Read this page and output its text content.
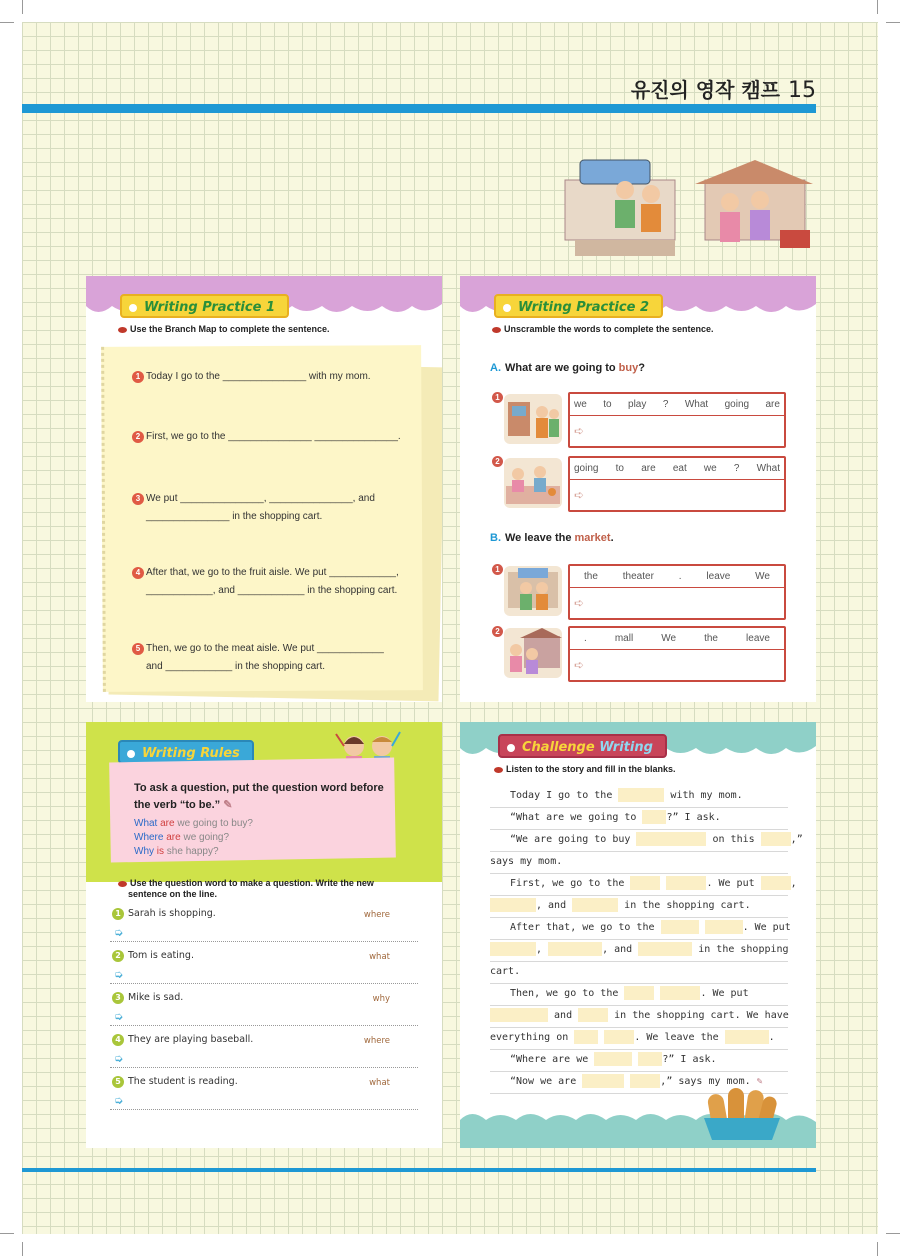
유진의 영작 캠프 15
Writing Practice 1
Use the Branch Map to complete the sentence.
1 Today I go to the _______________ with my mom.
2 First, we go to the _______________ _______________.
3 We put _______________, _______________, and
_______________ in the shopping cart.
4 After that, we go to the fruit aisle. We put ____________,
____________, and ____________ in the shopping cart.
5 Then, we go to the meat aisle. We put ____________
and ____________ in the shopping cart.
Writing Practice 2
Unscramble the words to complete the sentence.
A. What are we going to buy?
1
we to play ? What going are
➪
2
going to are eat we ? What
➪
B. We leave the market.
1
the theater . leave We
➪
2
.	mall	We	the	leave
➪
Writing Rules
To ask a question, put the question word before
the verb “to be.” ✎
What are we going to buy?
Where are we going?
Why is she happy?
Use the question word to make a question. Write the new
sentence on the line.
1 Sarah is shopping.	where
➭
2 Tom is eating.	what
➭
3 Mike is sad.	why
➭
4 They are playing baseball.	where
➭
5 The student is reading.	what
➭
Challenge Writing
Listen to the story and fill in the blanks.
Today I go to the	with my mom.
“What are we going to	?” I ask.
“We are going to buy	on this	,”
says my mom.
First, we go to the	. We put	,
, and	in the shopping cart.
After that, we go to the	. We put
,	, and	in the shopping
cart.
Then, we go to the	. We put
and	in the shopping cart. We have
everything on	. We leave the	.
“Where are we	?” I ask.
“Now we are	,” says my mom. ✎
